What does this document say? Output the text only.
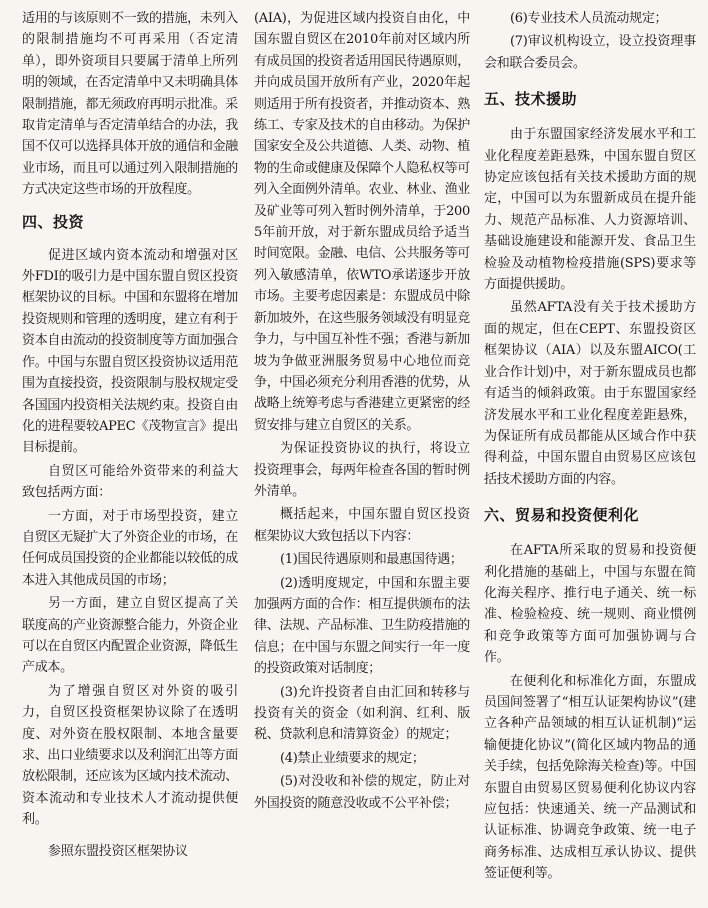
适用的与该原则不一致的措施，未列入的限制措施均不可再采用（否定清单），即外资项目只要属于清单上所列明的领域，在否定清单中又未明确具体限制措施，都无须政府再明示批准。采取肯定清单与否定清单结合的办法，我国不仅可以选择具体开放的通信和金融业市场，而且可以通过列入限制措施的方式决定这些市场的开放程度。

四、投资

促进区域内资本流动和增强对区外FDI的吸引力是中国东盟自贸区投资框架协议的目标。中国和东盟将在增加投资规则和管理的透明度，建立有利于资本自由流动的投资制度等方面加强合作。中国与东盟自贸区投资协议适用范围为直接投资，投资限制与股权规定受各国国内投资相关法规约束。投资自由化的进程要较APEC《茂物宣言》提出目标提前。

自贸区可能给外资带来的利益大致包括两方面：

一方面，对于市场型投资，建立自贸区无疑扩大了外资企业的市场，在任何成员国投资的企业都能以较低的成本进入其他成员国的市场；

另一方面，建立自贸区提高了关联度高的产业资源整合能力，外资企业可以在自贸区内配置企业资源，降低生产成本。

为了增强自贸区对外资的吸引力，自贸区投资框架协议除了在透明度、对外资在股权限制、本地含量要求、出口业绩要求以及利润汇出等方面放松限制，还应该为区域内技术流动、资本流动和专业技术人才流动提供便利。

参照东盟投资区框架协议

(AIA)，为促进区域内投资自由化，中国东盟自贸区在2010年前对区域内所有成员国的投资者适用国民待遇原则，并向成员国开放所有产业，2020年起则适用于所有投资者，并推动资本、熟练工、专家及技术的自由移动。为保护国家安全及公共道德、人类、动物、植物的生命或健康及保障个人隐私权等可列入全面例外清单。农业、林业、渔业及矿业等可列入暂时例外清单，于2005年前开放，对于新东盟成员给予适当时间宽限。金融、电信、公共服务等可列入敏感清单，依WTO承诺逐步开放市场。主要考虑因素是：东盟成员中除新加坡外，在这些服务领域没有明显竞争力，与中国互补性不强；香港与新加坡为争做亚洲服务贸易中心地位而竞争，中国必须充分利用香港的优势，从战略上统筹考虑与香港建立更紧密的经贸安排与建立自贸区的关系。

为保证投资协议的执行，将设立投资理事会，每两年检查各国的暂时例外清单。

概括起来，中国东盟自贸区投资框架协议大致包括以下内容：

(1)国民待遇原则和最惠国待遇；

(2)透明度规定，中国和东盟主要加强两方面的合作：相互提供颁布的法律、法规、产品标准、卫生防疫措施的信息；在中国与东盟之间实行一年一度的投资政策对话制度；

(3)允许投资者自由汇回和转移与投资有关的资金（如利润、红利、版税、贷款利息和清算资金）的规定；

(4)禁止业绩要求的规定；

(5)对没收和补偿的规定，防止对外国投资的随意没收或不公平补偿；

(6)专业技术人员流动规定；

(7)审议机构设立，设立投资理事会和联合委员会。

五、技术援助

由于东盟国家经济发展水平和工业化程度差距悬殊，中国东盟自贸区协定应该包括有关技术援助方面的规定，中国可以为东盟新成员在提升能力、规范产品标准、人力资源培训、基础设施建设和能源开发、食品卫生检验及动植物检疫措施(SPS)要求等方面提供援助。

虽然AFTA没有关于技术援助方面的规定，但在CEPT、东盟投资区框架协议（AIA）以及东盟AICO(工业合作计划)中，对于新东盟成员也都有适当的倾斜政策。由于东盟国家经济发展水平和工业化程度差距悬殊，为保证所有成员都能从区域合作中获得利益，中国东盟自由贸易区应该包括技术援助方面的内容。

六、贸易和投资便利化

在AFTA所采取的贸易和投资便利化措施的基础上，中国与东盟在简化海关程序、推行电子通关、统一标准、检验检疫、统一规则、商业惯例和竞争政策等方面可加强协调与合作。

在便利化和标准化方面，东盟成员国间签署了“相互认证架构协议”(建立各种产品领域的相互认证机制)“运输便捷化协议”(简化区域内物品的通关手续，包括免除海关检查)等。中国东盟自由贸易区贸易便利化协议内容应包括：快速通关、统一产品测试和认证标准、协调竞争政策、统一电子商务标准、达成相互承认协议、提供签证便利等。
